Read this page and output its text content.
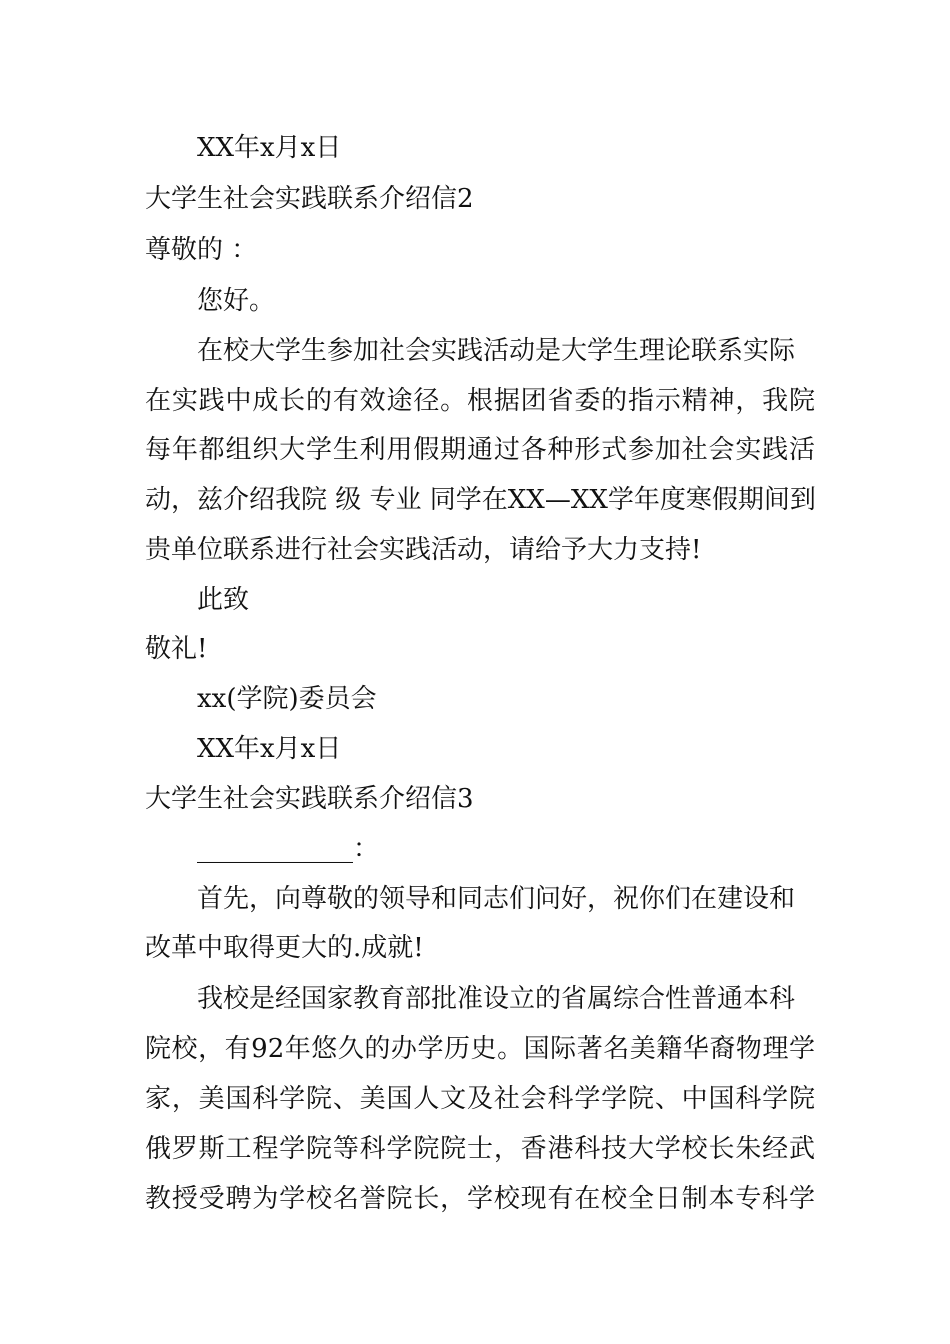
XX年x月x日
大学生社会实践联系介绍信2
尊敬的 ：
您好。
在校大学生参加社会实践活动是大学生理论联系实际
在实践中成长的有效途径。根据团省委的指示精神，我院
每年都组织大学生利用假期通过各种形式参加社会实践活
动，兹介绍我院 级 专业 同学在XX—XX学年度寒假期间到
贵单位联系进行社会实践活动，请给予大力支持!
此致
敬礼!
xx(学院)委员会
XX年x月x日
大学生社会实践联系介绍信3
____________：
首先，向尊敬的领导和同志们问好，祝你们在建设和
改革中取得更大的.成就!
我校是经国家教育部批准设立的省属综合性普通本科
院校，有92年悠久的办学历史。国际著名美籍华裔物理学
家，美国科学院、美国人文及社会科学学院、中国科学院
俄罗斯工程学院等科学院院士，香港科技大学校长朱经武
教授受聘为学校名誉院长，学校现有在校全日制本专科学
